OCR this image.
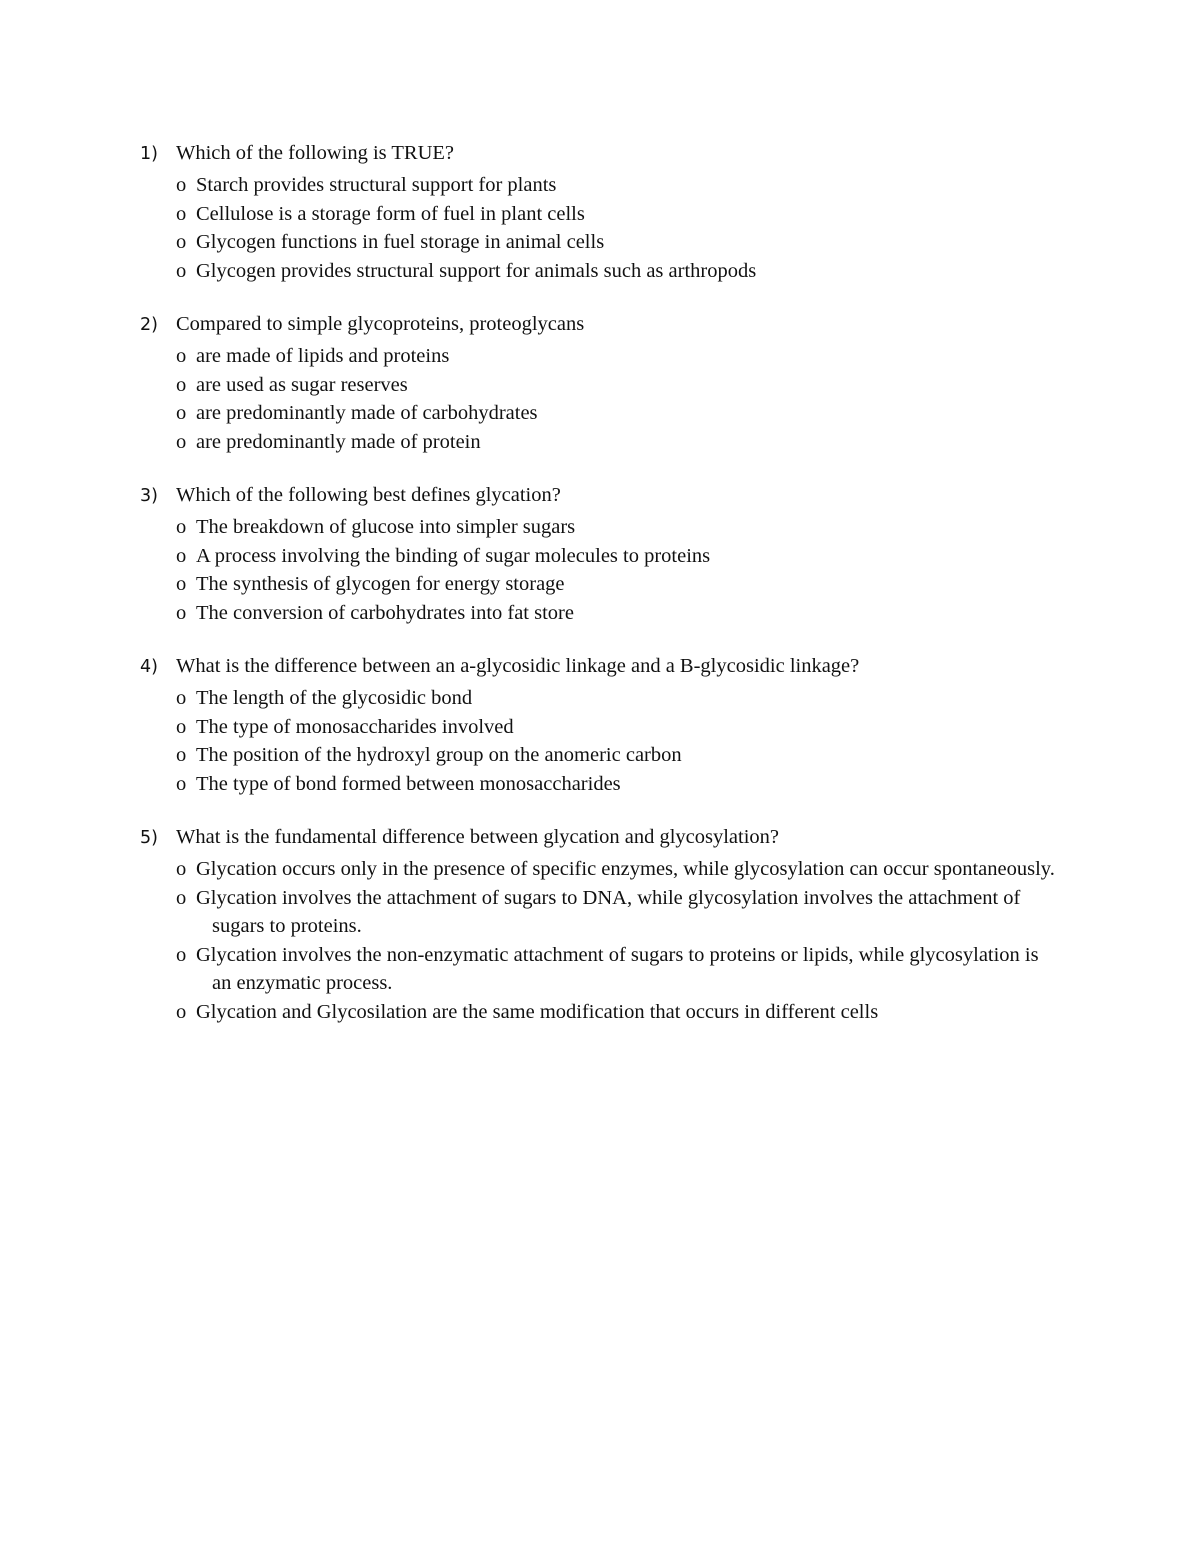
1) Which of the following is TRUE?
o Starch provides structural support for plants
o Cellulose is a storage form of fuel in plant cells
o Glycogen functions in fuel storage in animal cells
o Glycogen provides structural support for animals such as arthropods
2) Compared to simple glycoproteins, proteoglycans
o are made of lipids and proteins
o are used as sugar reserves
o are predominantly made of carbohydrates
o are predominantly made of protein
3) Which of the following best defines glycation?
o The breakdown of glucose into simpler sugars
o A process involving the binding of sugar molecules to proteins
o The synthesis of glycogen for energy storage
o The conversion of carbohydrates into fat store
4) What is the difference between an a-glycosidic linkage and a B-glycosidic linkage?
o The length of the glycosidic bond
o The type of monosaccharides involved
o The position of the hydroxyl group on the anomeric carbon
o The type of bond formed between monosaccharides
5) What is the fundamental difference between glycation and glycosylation?
o Glycation occurs only in the presence of specific enzymes, while glycosylation can occur spontaneously.
o Glycation involves the attachment of sugars to DNA, while glycosylation involves the attachment of sugars to proteins.
o Glycation involves the non-enzymatic attachment of sugars to proteins or lipids, while glycosylation is an enzymatic process.
o Glycation and Glycosilation are the same modification that occurs in different cells
